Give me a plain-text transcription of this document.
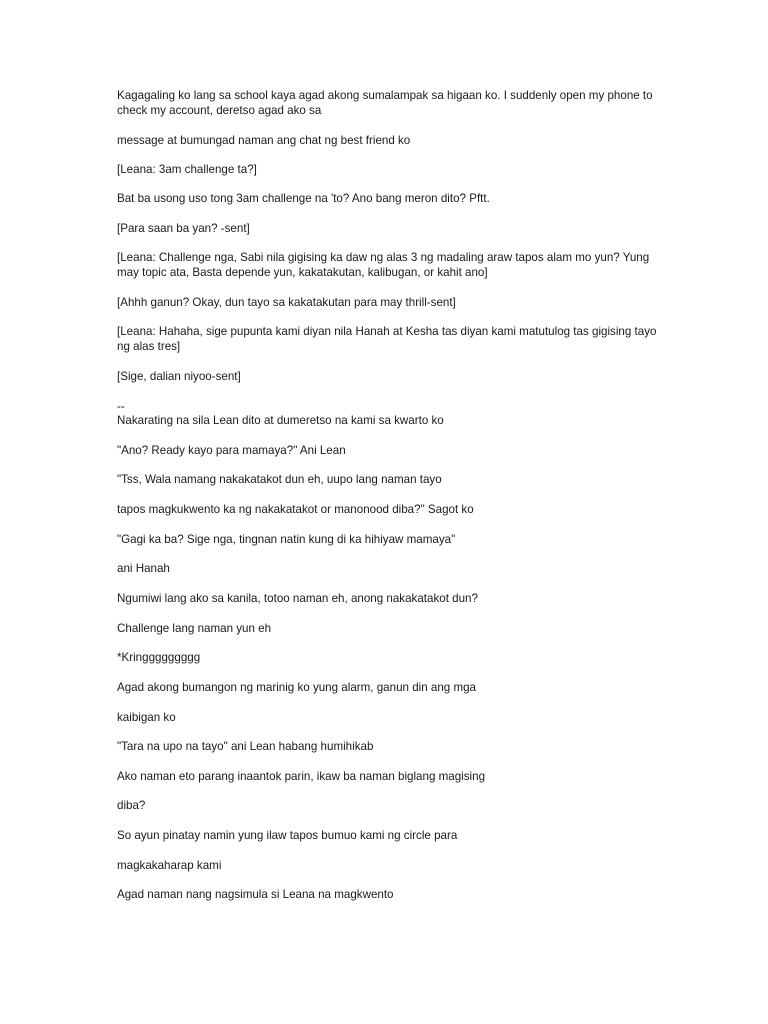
Kagagaling ko lang sa school kaya agad akong sumalampak sa higaan ko. I suddenly open my phone to check my account, deretso agad ako sa

message at bumungad naman ang chat ng best friend ko

[Leana: 3am challenge ta?]

Bat ba usong uso tong 3am challenge na 'to? Ano bang meron dito? Pftt.

[Para saan ba yan? -sent]

[Leana: Challenge nga, Sabi nila gigising ka daw ng alas 3 ng madaling araw tapos alam mo yun? Yung may topic ata, Basta depende yun, kakatakutan, kalibugan, or kahit ano]

[Ahhh ganun? Okay, dun tayo sa kakatakutan para may thrill-sent]

[Leana: Hahaha, sige pupunta kami diyan nila Hanah at Kesha tas diyan kami matutulog tas gigising tayo ng alas tres]

[Sige, dalian niyoo-sent]

--

Nakarating na sila Lean dito at dumeretso na kami sa kwarto ko

"Ano? Ready kayo para mamaya?" Ani Lean

"Tss, Wala namang nakakatakot dun eh, uupo lang naman tayo

tapos magkukwento ka ng nakakatakot or manonood diba?" Sagot ko

"Gagi ka ba? Sige nga, tingnan natin kung di ka hihiyaw mamaya"

ani Hanah

Ngumiwi lang ako sa kanila, totoo naman eh, anong nakakatakot dun?

Challenge lang naman yun eh

*Kringgggggggg

Agad akong bumangon ng marinig ko yung alarm, ganun din ang mga

kaibigan ko

"Tara na upo na tayo" ani Lean habang humihikab

Ako naman eto parang inaantok parin, ikaw ba naman biglang magising

diba?

So ayun pinatay namin yung ilaw tapos bumuo kami ng circle para

magkakaharap kami

Agad naman nang nagsimula si Leana na magkwento
